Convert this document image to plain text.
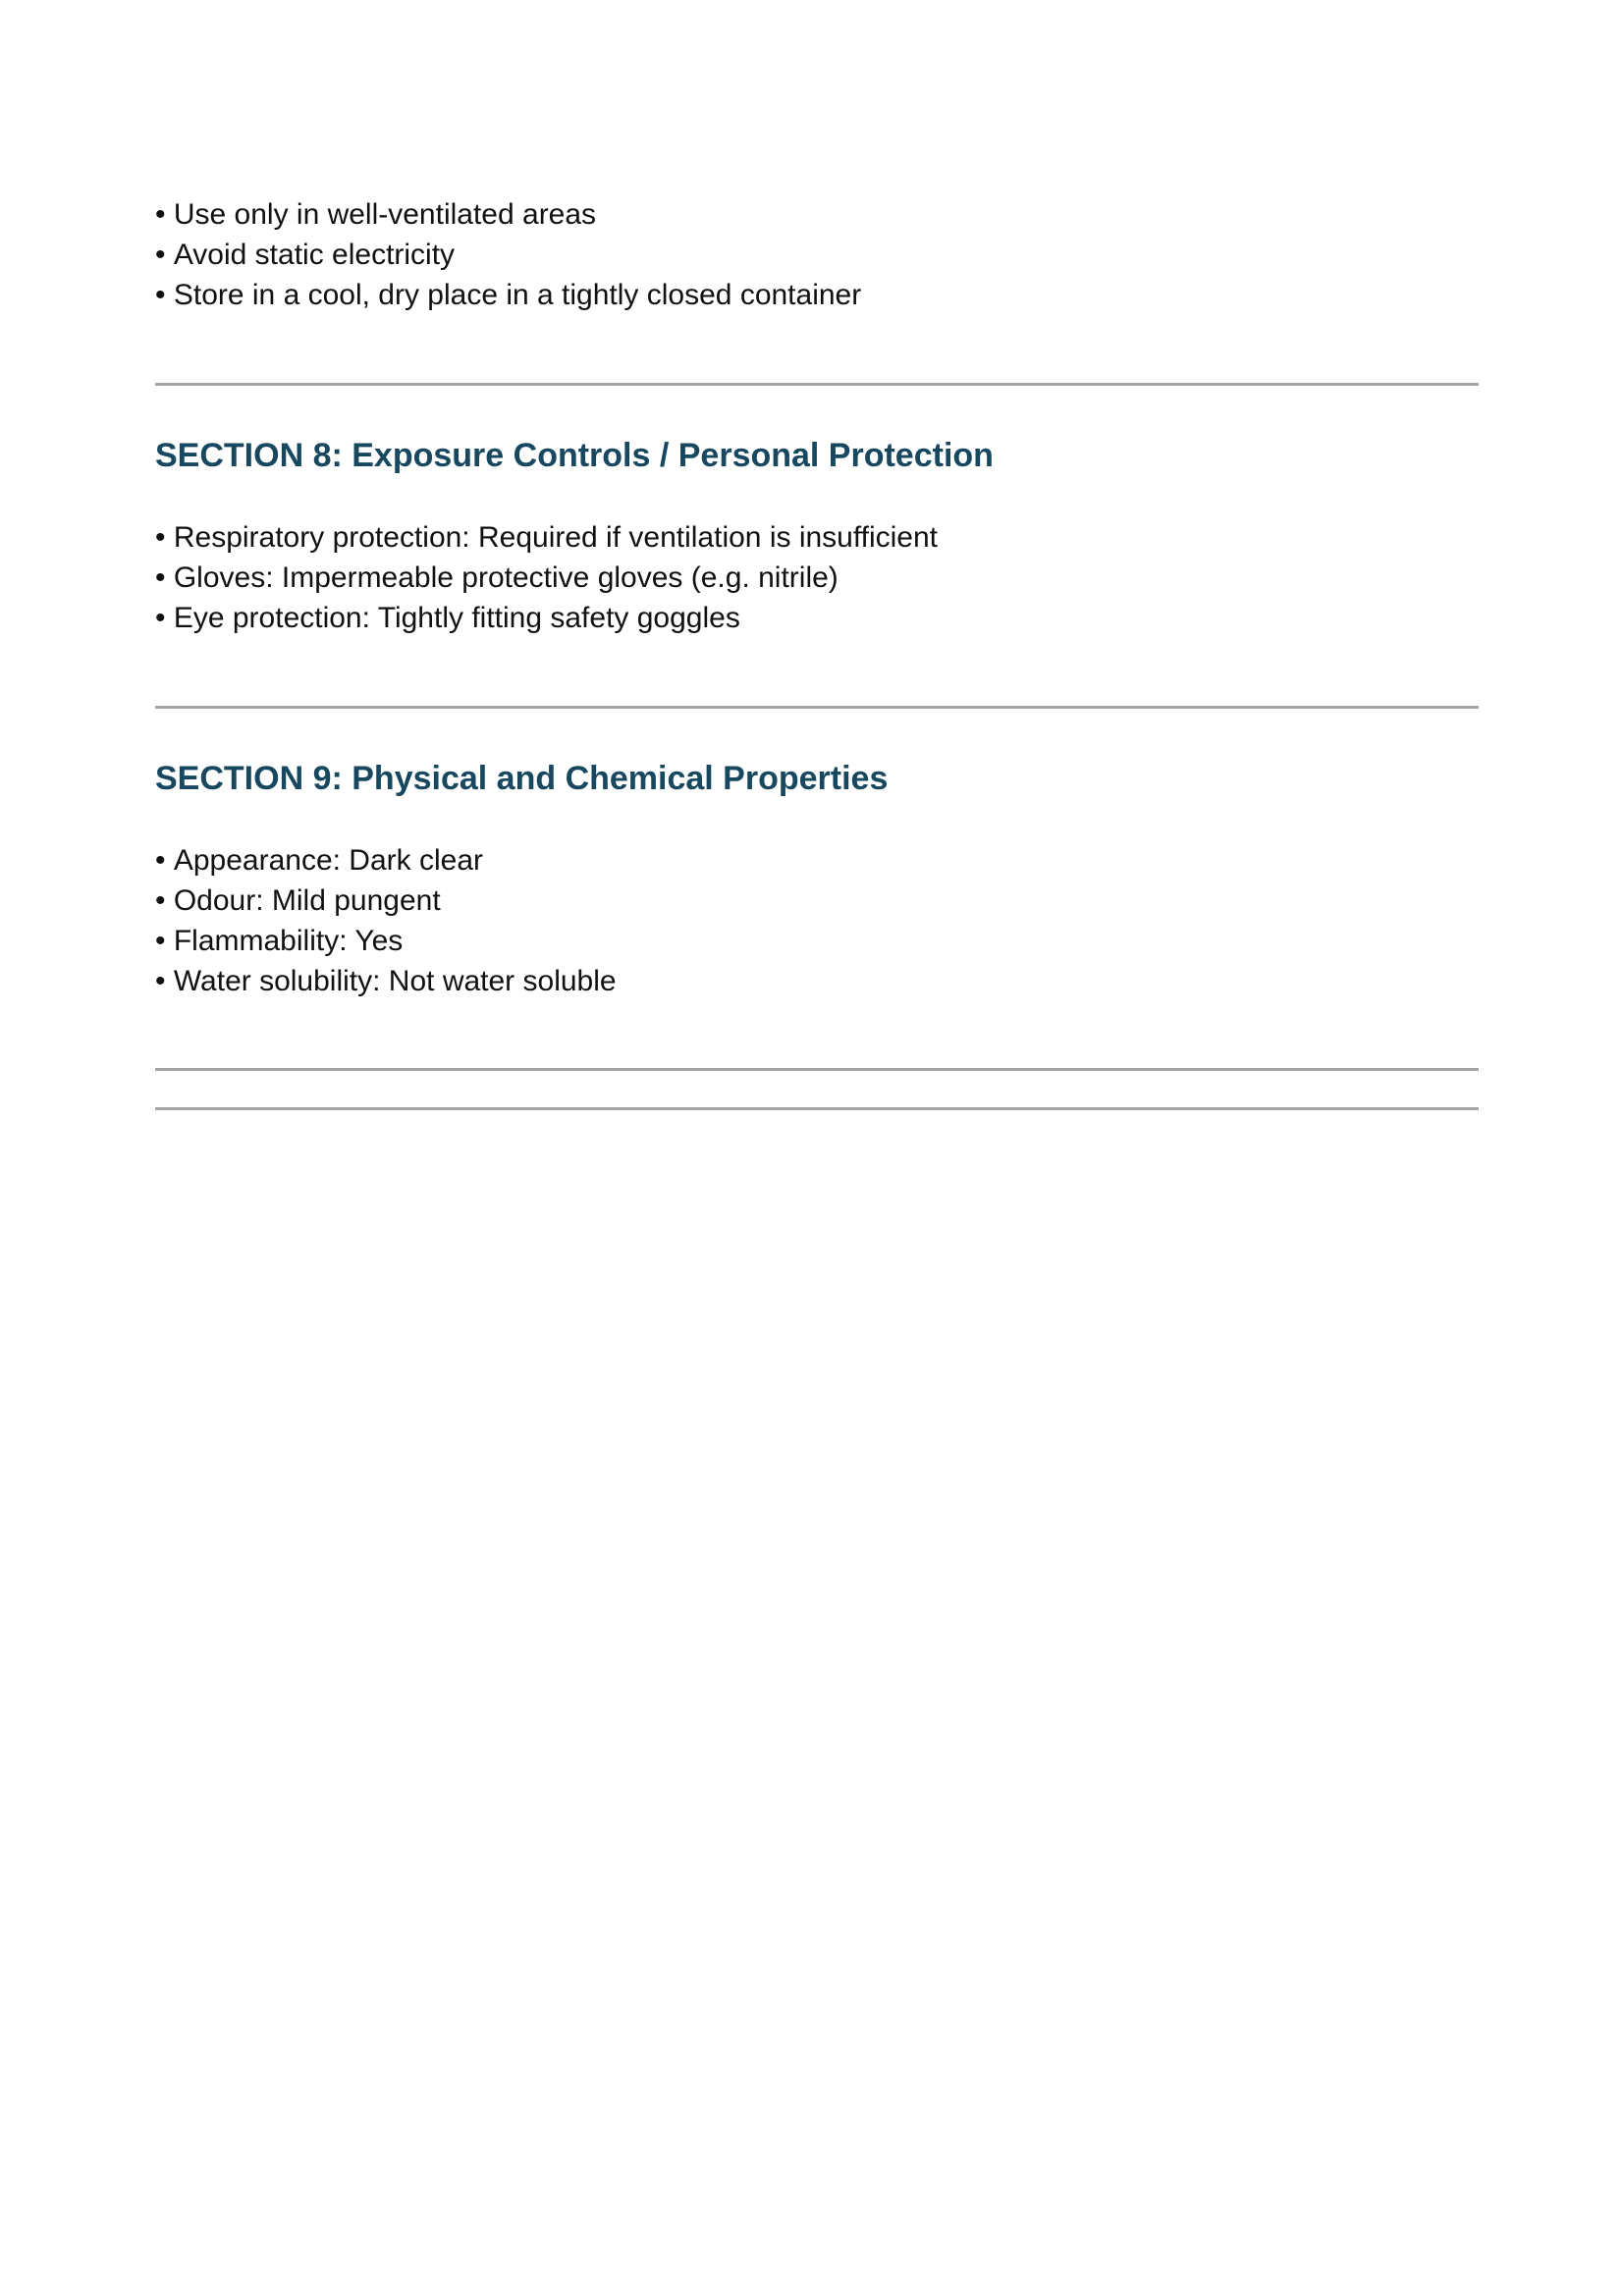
• Use only in well-ventilated areas
• Avoid static electricity
• Store in a cool, dry place in a tightly closed container
SECTION 8: Exposure Controls / Personal Protection
• Respiratory protection: Required if ventilation is insufficient
• Gloves: Impermeable protective gloves (e.g. nitrile)
• Eye protection: Tightly fitting safety goggles
SECTION 9: Physical and Chemical Properties
• Appearance: Dark clear
• Odour: Mild pungent
• Flammability: Yes
• Water solubility: Not water soluble
